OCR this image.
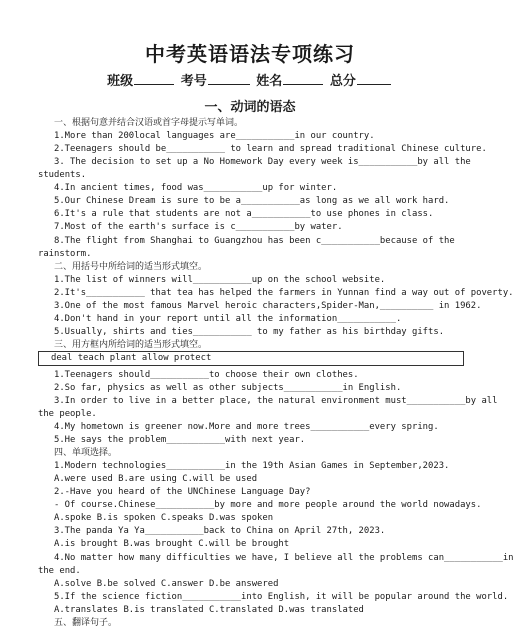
中考英语语法专项练习
班级	考号	姓名	总分
一、动词的语态
一、根据句意并结合汉语或首字母提示写单词。
1.More than 200local languages are___________in our country.
2.Teenagers should be___________ to learn and spread traditional Chinese culture.
3. The decision to set up a No Homework Day every week is___________by all the
students.
4.In ancient times, food was___________up for winter.
5.Our Chinese Dream is sure to be a___________as long as we all work hard.
6.It's a rule that students are not a___________to use phones in class.
7.Most of the earth's surface is c___________by water.
8.The flight from Shanghai to Guangzhou has been c___________because of the
rainstorm.
二、用括号中所给词的适当形式填空。
1.The list of winners will___________up on the school website.
2.It's___________ that tea has helped the farmers in Yunnan find a way out of poverty.
3.One of the most famous Marvel heroic characters,Spider-Man,__________ in 1962.
4.Don't hand in your report until all the information___________.
5.Usually, shirts and ties___________ to my father as his birthday gifts.
三、用方框内所给词的适当形式填空。
deal teach plant allow protect
1.Teenagers should___________to choose their own clothes.
2.So far, physics as well as other subjects___________in English.
3.In order to live in a better place, the natural environment must___________by all
the people.
4.My hometown is greener now.More and more trees___________every spring.
5.He says the problem___________with next year.
四、单项选择。
1.Modern technologies___________in the 19th Asian Games in September,2023.
A.were used B.are using C.will be used
2.-Have you heard of the UNChinese Language Day?
- Of course.Chinese___________by more and more people around the world nowadays.
A.spoke B.is spoken C.speaks D.was spoken
3.The panda Ya Ya___________back to China on April 27th, 2023.
A.is brought B.was brought C.will be brought
4.No matter how many difficulties we have, I believe all the problems can___________in
the end.
A.solve B.be solved C.answer D.be answered
5.If the science fiction___________into English, it will be popular around the world.
A.translates B.is translated C.translated D.was translated
五、翻译句子。
